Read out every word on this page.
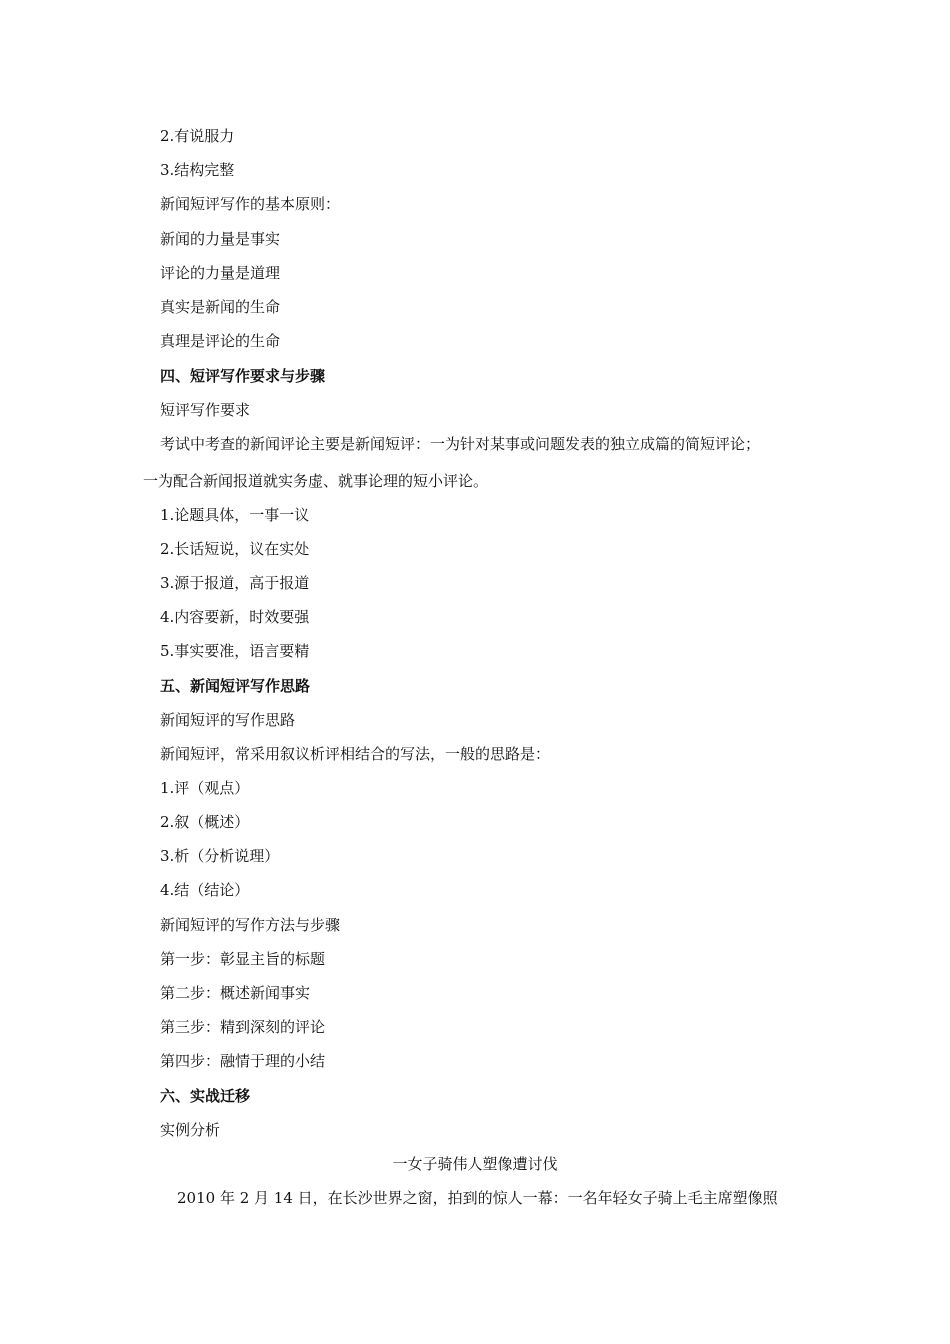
2.有说服力
3.结构完整
新闻短评写作的基本原则：
新闻的力量是事实
评论的力量是道理
真实是新闻的生命
真理是评论的生命
四、短评写作要求与步骤
短评写作要求
考试中考查的新闻评论主要是新闻短评：一为针对某事或问题发表的独立成篇的简短评论；
一为配合新闻报道就实务虚、就事论理的短小评论。
1.论题具体，一事一议
2.长话短说，议在实处
3.源于报道，高于报道
4.内容要新，时效要强
5.事实要准，语言要精
五、新闻短评写作思路
新闻短评的写作思路
新闻短评，常采用叙议析评相结合的写法，一般的思路是：
1.评（观点）
2.叙（概述）
3.析（分析说理）
4.结（结论）
新闻短评的写作方法与步骤
第一步：彰显主旨的标题
第二步：概述新闻事实
第三步：精到深刻的评论
第四步：融情于理的小结
六、实战迁移
实例分析
一女子骑伟人塑像遭讨伐
2010 年 2 月 14 日，在长沙世界之窗，拍到的惊人一幕：一名年轻女子骑上毛主席塑像照
